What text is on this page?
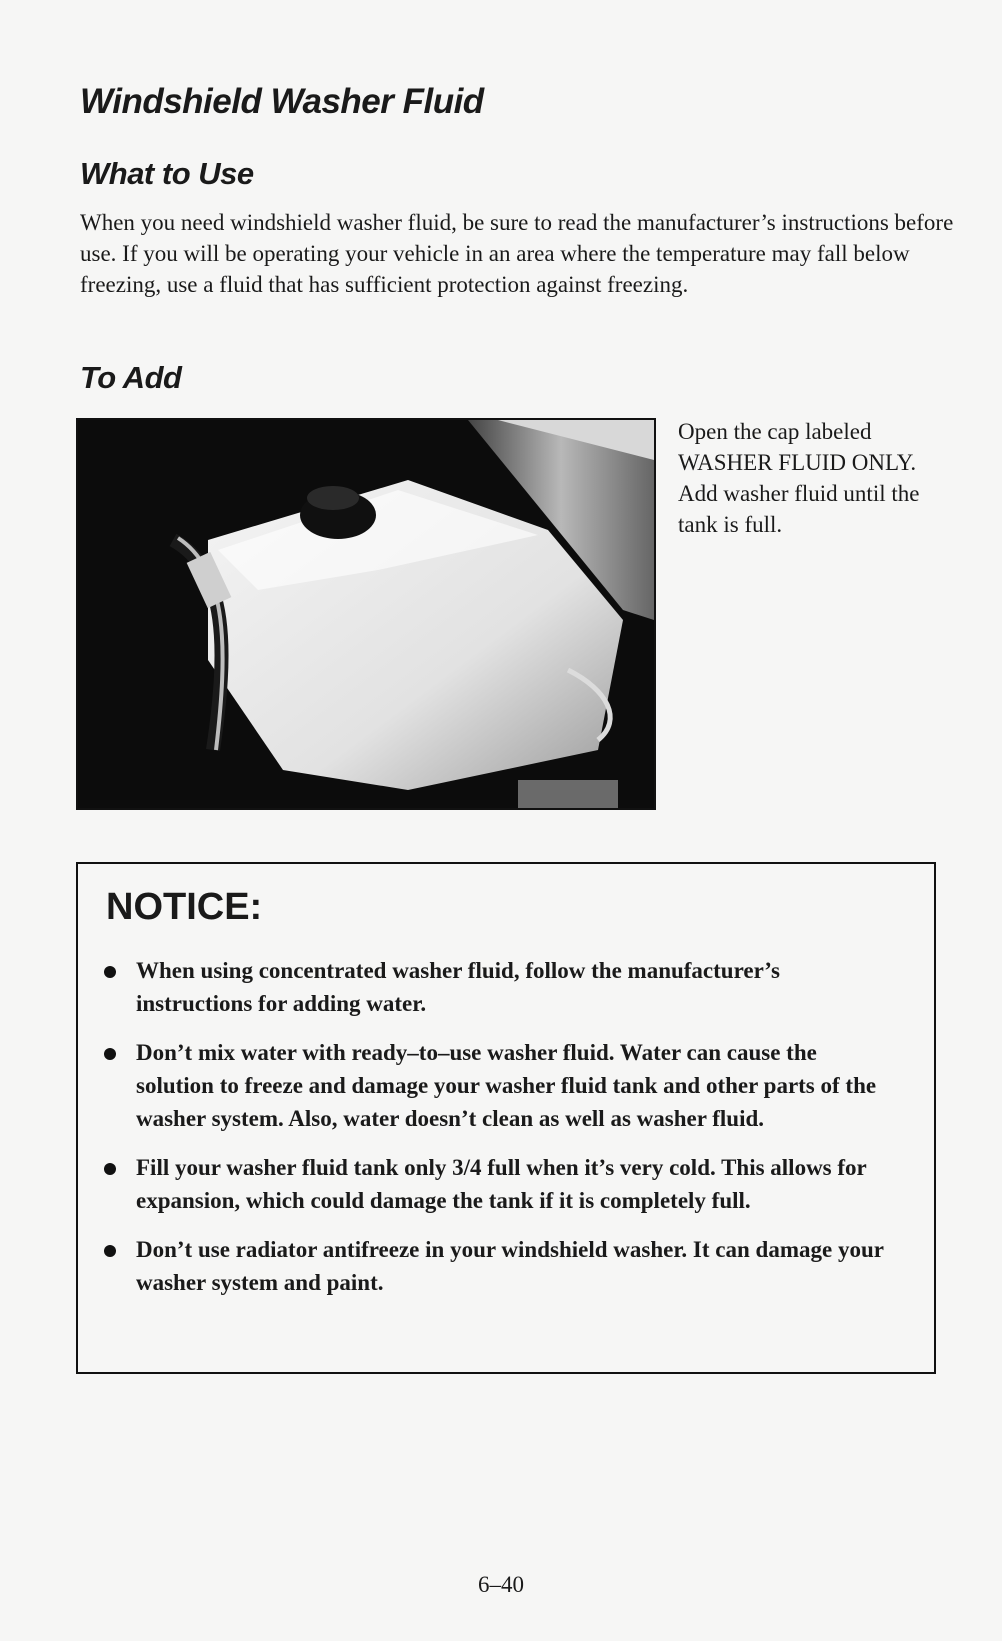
Windshield Washer Fluid
What to Use

When you need windshield washer fluid, be sure to read the manufacturer’s instructions before use. If you will be operating your vehicle in an area where the temperature may fall below freezing, use a fluid that has sufficient protection against freezing.

To Add

Open the cap labeled WASHER FLUID ONLY. Add washer fluid until the tank is full.

NOTICE:
When using concentrated washer fluid, follow the manufacturer’s instructions for adding water.
Don’t mix water with ready–to–use washer fluid. Water can cause the solution to freeze and damage your washer fluid tank and other parts of the washer system. Also, water doesn’t clean as well as washer fluid.
Fill your washer fluid tank only 3/4 full when it’s very cold. This allows for expansion, which could damage the tank if it is completely full.
Don’t use radiator antifreeze in your windshield washer. It can damage your washer system and paint.

6–40
